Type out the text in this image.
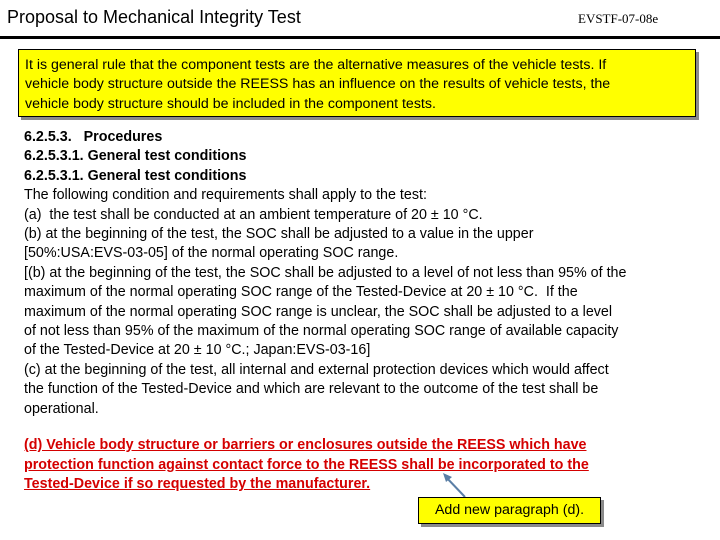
Proposal to Mechanical Integrity Test	EVSTF-07-08e
It is general rule that the component tests are the alternative measures of the vehicle tests. If
vehicle body structure outside the REESS has an influence on the results of vehicle tests, the
vehicle body structure should be included in the component tests.
6.2.5.3.   Procedures
6.2.5.3.1. General test conditions
6.2.5.3.1. General test conditions
The following condition and requirements shall apply to the test:
(a)  the test shall be conducted at an ambient temperature of 20 ± 10 °C.
(b) at the beginning of the test, the SOC shall be adjusted to a value in the upper
[50%:USA:EVS-03-05] of the normal operating SOC range.
[(b) at the beginning of the test, the SOC shall be adjusted to a level of not less than 95% of the
maximum of the normal operating SOC range of the Tested-Device at 20 ± 10 °C.  If the
maximum of the normal operating SOC range is unclear, the SOC shall be adjusted to a level
of not less than 95% of the maximum of the normal operating SOC range of available capacity
of the Tested-Device at 20 ± 10 °C.; Japan:EVS-03-16]
(c) at the beginning of the test, all internal and external protection devices which would affect
the function of the Tested-Device and which are relevant to the outcome of the test shall be
operational.
(d) Vehicle body structure or barriers or enclosures outside the REESS which have
protection function against contact force to the REESS shall be incorporated to the
Tested-Device if so requested by the manufacturer.
Add new paragraph (d).
